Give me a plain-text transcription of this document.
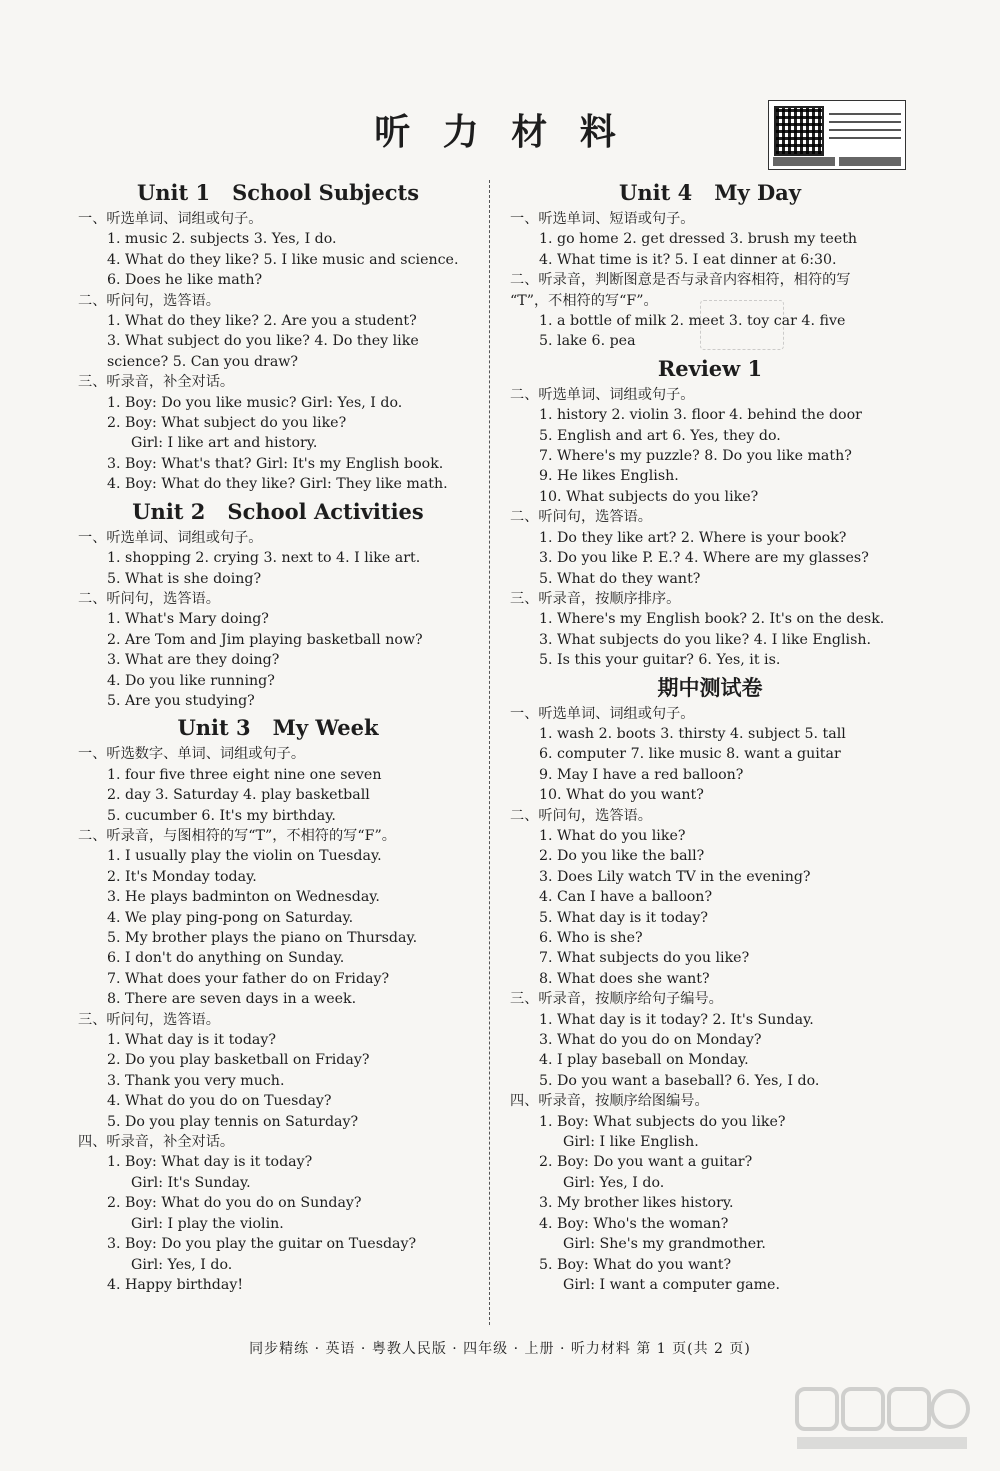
听 力 材 料
Unit 1 School Subjects
一、听选单词、词组或句子。
1. music 2. subjects 3. Yes, I do.
4. What do they like? 5. I like music and science.
6. Does he like math?
二、听问句，选答语。
1. What do they like? 2. Are you a student?
3. What subject do you like? 4. Do they like
science? 5. Can you draw?
三、听录音，补全对话。
1. Boy: Do you like music? Girl: Yes, I do.
2. Boy: What subject do you like?
Girl: I like art and history.
3. Boy: What's that? Girl: It's my English book.
4. Boy: What do they like? Girl: They like math.
Unit 2 School Activities
一、听选单词、词组或句子。
1. shopping 2. crying 3. next to 4. I like art.
5. What is she doing?
二、听问句，选答语。
1. What's Mary doing?
2. Are Tom and Jim playing basketball now?
3. What are they doing?
4. Do you like running?
5. Are you studying?
Unit 3 My Week
一、听选数字、单词、词组或句子。
1. four five three eight nine one seven
2. day 3. Saturday 4. play basketball
5. cucumber 6. It's my birthday.
二、听录音，与图相符的写“T”，不相符的写“F”。
1. I usually play the violin on Tuesday.
2. It's Monday today.
3. He plays badminton on Wednesday.
4. We play ping-pong on Saturday.
5. My brother plays the piano on Thursday.
6. I don't do anything on Sunday.
7. What does your father do on Friday?
8. There are seven days in a week.
三、听问句，选答语。
1. What day is it today?
2. Do you play basketball on Friday?
3. Thank you very much.
4. What do you do on Tuesday?
5. Do you play tennis on Saturday?
四、听录音，补全对话。
1. Boy: What day is it today?
Girl: It's Sunday.
2. Boy: What do you do on Sunday?
Girl: I play the violin.
3. Boy: Do you play the guitar on Tuesday?
Girl: Yes, I do.
4. Happy birthday!
Unit 4 My Day
一、听选单词、短语或句子。
1. go home 2. get dressed 3. brush my teeth
4. What time is it? 5. I eat dinner at 6:30.
二、听录音，判断图意是否与录音内容相符，相符的写
“T”，不相符的写“F”。
1. a bottle of milk 2. meet 3. toy car 4. five
5. lake 6. pea
Review 1
二、听选单词、词组或句子。
1. history 2. violin 3. floor 4. behind the door
5. English and art 6. Yes, they do.
7. Where's my puzzle? 8. Do you like math?
9. He likes English.
10. What subjects do you like?
二、听问句，选答语。
1. Do they like art? 2. Where is your book?
3. Do you like P. E.? 4. Where are my glasses?
5. What do they want?
三、听录音，按顺序排序。
1. Where's my English book? 2. It's on the desk.
3. What subjects do you like? 4. I like English.
5. Is this your guitar? 6. Yes, it is.
期中测试卷
一、听选单词、词组或句子。
1. wash 2. boots 3. thirsty 4. subject 5. tall
6. computer 7. like music 8. want a guitar
9. May I have a red balloon?
10. What do you want?
二、听问句，选答语。
1. What do you like?
2. Do you like the ball?
3. Does Lily watch TV in the evening?
4. Can I have a balloon?
5. What day is it today?
6. Who is she?
7. What subjects do you like?
8. What does she want?
三、听录音，按顺序给句子编号。
1. What day is it today? 2. It's Sunday.
3. What do you do on Monday?
4. I play baseball on Monday.
5. Do you want a baseball? 6. Yes, I do.
四、听录音，按顺序给图编号。
1. Boy: What subjects do you like?
Girl: I like English.
2. Boy: Do you want a guitar?
Girl: Yes, I do.
3. My brother likes history.
4. Boy: Who's the woman?
Girl: She's my grandmother.
5. Boy: What do you want?
Girl: I want a computer game.
同步精练 · 英语 · 粤教人民版 · 四年级 · 上册 · 听力材料 第 1 页(共 2 页)
